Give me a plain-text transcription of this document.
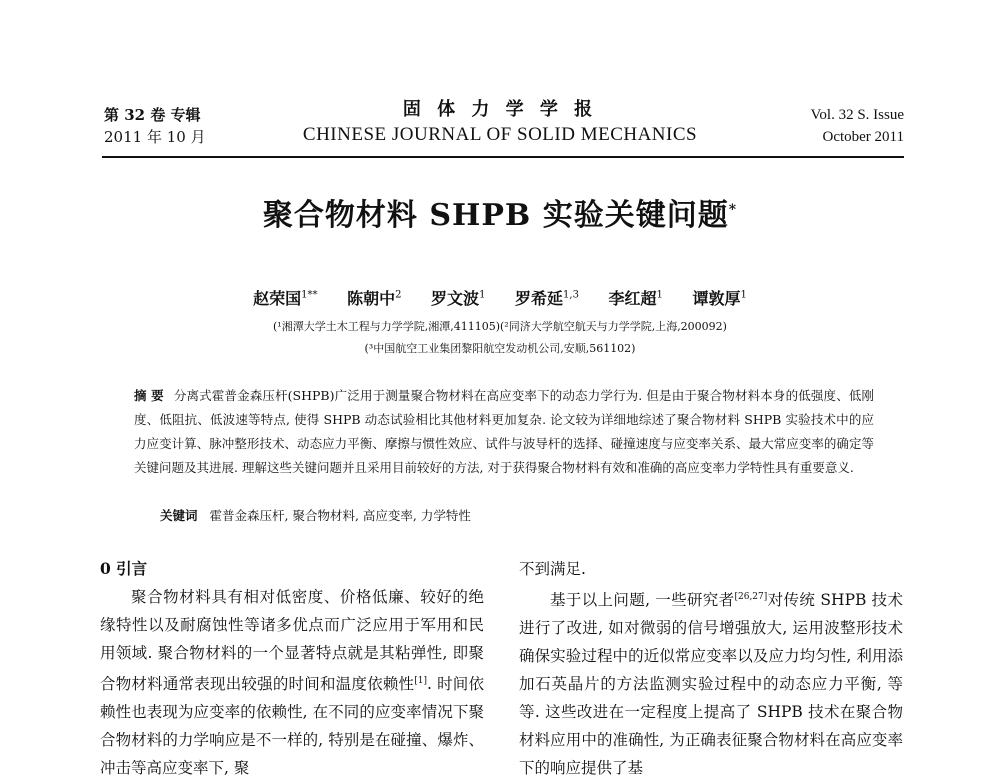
第 32 卷 专辑
2011 年 10 月
固 体 力 学 学 报
CHINESE JOURNAL OF SOLID MECHANICS
Vol. 32 S. Issue
October 2011
聚合物材料 SHPB 实验关键问题*
赵荣国$^{1**}$ 陈朝中$^2$ 罗文波$^1$ 罗希延$^{1,3}$ 李红超$^1$ 谭敦厚$^1$
(¹湘潭大学土木工程与力学学院,湘潭,411105)(²同济大学航空航天与力学学院,上海,200092)
(³中国航空工业集团黎阳航空发动机公司,安顺,561102)
摘 要 分离式霍普金森压杆(SHPB)广泛用于测量聚合物材料在高应变率下的动态力学行为. 但是由于聚合物材料本身的低强度、低刚度、低阻抗、低波速等特点, 使得 SHPB 动态试验相比其他材料更加复杂. 论文较为详细地综述了聚合物材料 SHPB 实验技术中的应力应变计算、脉冲整形技术、动态应力平衡、摩擦与惯性效应、试件与波导杆的选择、碰撞速度与应变率关系、最大常应变率的确定等关键问题及其进展. 理解这些关键问题并且采用目前较好的方法, 对于获得聚合物材料有效和准确的高应变率力学特性具有重要意义.
关键词 霍普金森压杆, 聚合物材料, 高应变率, 力学特性
0 引言

聚合物材料具有相对低密度、价格低廉、较好的绝缘特性以及耐腐蚀性等诸多优点而广泛应用于军用和民用领域. 聚合物材料的一个显著特点就是其粘弹性, 即聚合物材料通常表现出较强的时间和温度依赖性[1]. 时间依赖性也表现为应变率的依赖性, 在不同的应变率情况下聚合物材料的力学响应是不一样的, 特别是在碰撞、爆炸、冲击等高应变率下, 聚

不到满足.

基于以上问题, 一些研究者[26,27]对传统 SHPB 技术进行了改进, 如对微弱的信号增强放大, 运用波整形技术确保实验过程中的近似常应变率以及应力均匀性, 利用添加石英晶片的方法监测实验过程中的动态应力平衡, 等等. 这些改进在一定程度上提高了 SHPB 技术在聚合物材料应用中的准确性, 为正确表征聚合物材料在高应变率下的响应提供了基
